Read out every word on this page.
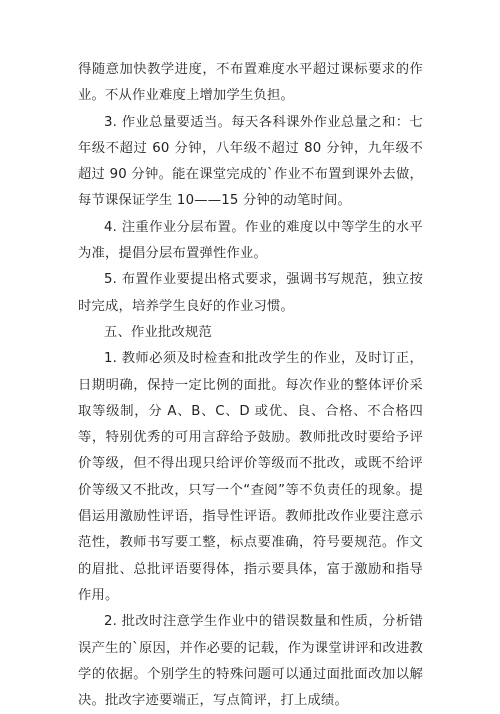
得随意加快教学进度，不布置难度水平超过课标要求的作业。不从作业难度上增加学生负担。

3. 作业总量要适当。每天各科课外作业总量之和：七年级不超过 60 分钟，八年级不超过 80 分钟，九年级不超过 90 分钟。能在课堂完成的`作业不布置到课外去做，每节课保证学生 10——15 分钟的动笔时间。

4. 注重作业分层布置。作业的难度以中等学生的水平为准，提倡分层布置弹性作业。

5. 布置作业要提出格式要求，强调书写规范，独立按时完成，培养学生良好的作业习惯。

五、作业批改规范

1. 教师必须及时检查和批改学生的作业，及时订正，日期明确，保持一定比例的面批。每次作业的整体评价采取等级制，分 A、B、C、D 或优、良、合格、不合格四等，特别优秀的可用言辞给予鼓励。教师批改时要给予评价等级，但不得出现只给评价等级而不批改，或既不给评价等级又不批改，只写一个“查阅”等不负责任的现象。提倡运用激励性评语，指导性评语。教师批改作业要注意示范性，教师书写要工整，标点要准确，符号要规范。作文的眉批、总批评语要得体，指示要具体，富于激励和指导作用。

2. 批改时注意学生作业中的错误数量和性质，分析错误产生的`原因，并作必要的记载，作为课堂讲评和改进教学的依据。个别学生的特殊问题可以通过面批面改加以解决。批改字迹要端正，写点简评，打上成绩。
